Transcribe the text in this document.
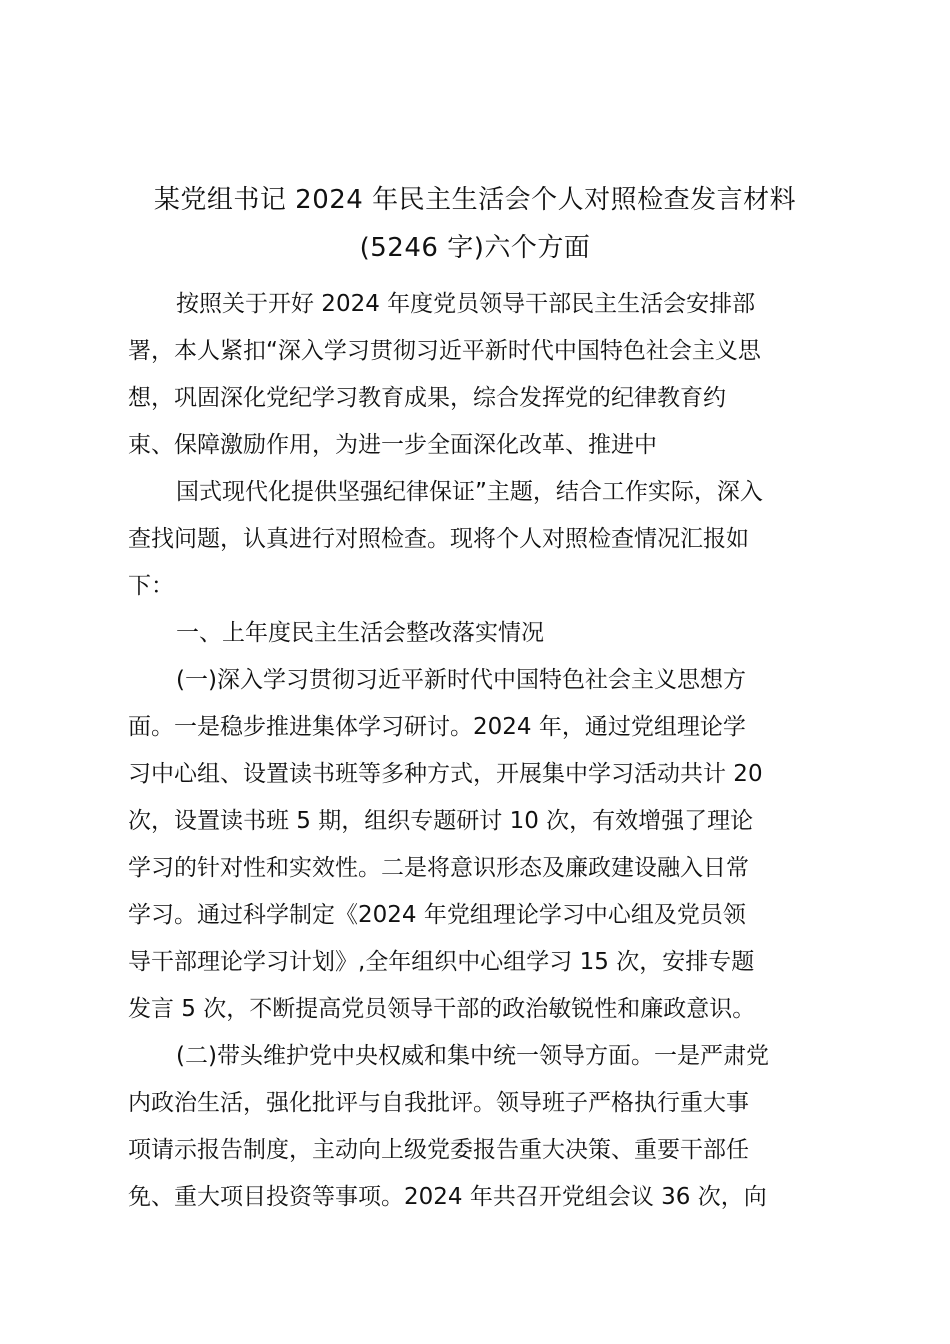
某党组书记 2024 年民主生活会个人对照检查发言材料
(5246 字)六个方面
按照关于开好 2024 年度党员领导干部民主生活会安排部
署，本人紧扣“深入学习贯彻习近平新时代中国特色社会主义思
想，巩固深化党纪学习教育成果，综合发挥党的纪律教育约
束、保障激励作用，为进一步全面深化改革、推进中
国式现代化提供坚强纪律保证”主题，结合工作实际，深入
查找问题，认真进行对照检查。现将个人对照检查情况汇报如
下：
一、上年度民主生活会整改落实情况
(一)深入学习贯彻习近平新时代中国特色社会主义思想方
面。一是稳步推进集体学习研讨。2024 年，通过党组理论学
习中心组、设置读书班等多种方式，开展集中学习活动共计 20
次，设置读书班 5 期，组织专题研讨 10 次，有效增强了理论
学习的针对性和实效性。二是将意识形态及廉政建设融入日常
学习。通过科学制定《2024 年党组理论学习中心组及党员领
导干部理论学习计划》,全年组织中心组学习 15 次，安排专题
发言 5 次，不断提高党员领导干部的政治敏锐性和廉政意识。
(二)带头维护党中央权威和集中统一领导方面。一是严肃党
内政治生活，强化批评与自我批评。领导班子严格执行重大事
项请示报告制度，主动向上级党委报告重大决策、重要干部任
免、重大项目投资等事项。2024 年共召开党组会议 36 次，向
